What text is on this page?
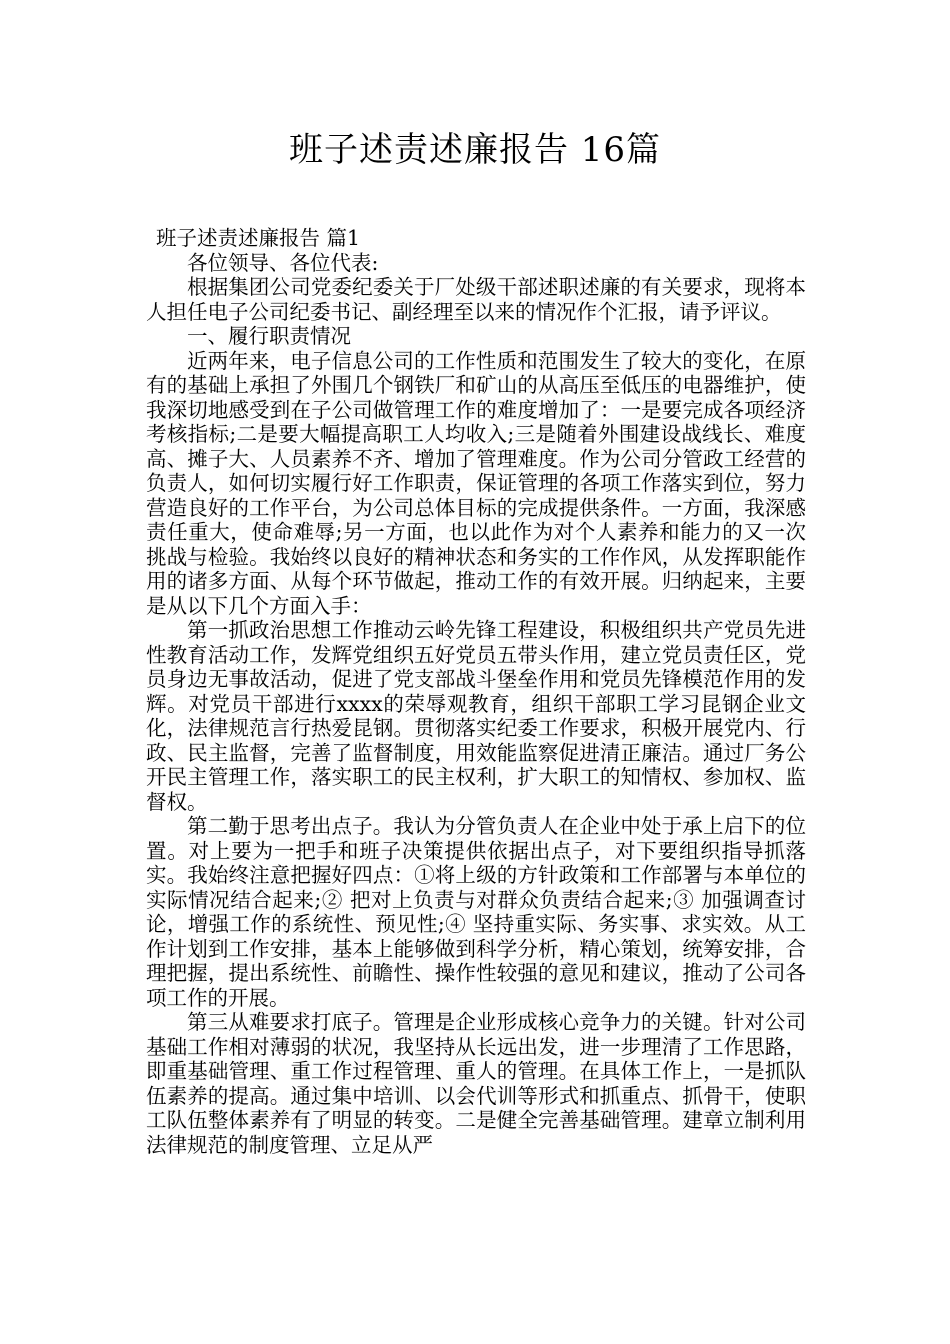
班子述责述廉报告 16篇

班子述责述廉报告 篇1

各位领导、各位代表:

根据集团公司党委纪委关于厂处级干部述职述廉的有关要求，现将本人担任电子公司纪委书记、副经理至以来的情况作个汇报，请予评议。

一、履行职责情况

近两年来，电子信息公司的工作性质和范围发生了较大的变化，在原有的基础上承担了外围几个钢铁厂和矿山的从高压至低压的电器维护，使我深切地感受到在子公司做管理工作的难度增加了：一是要完成各项经济考核指标;二是要大幅提高职工人均收入;三是随着外围建设战线长、难度高、摊子大、人员素养不齐、增加了管理难度。作为公司分管政工经营的负责人，如何切实履行好工作职责，保证管理的各项工作落实到位，努力营造良好的工作平台，为公司总体目标的完成提供条件。一方面，我深感责任重大，使命难辱;另一方面，也以此作为对个人素养和能力的又一次挑战与检验。我始终以良好的精神状态和务实的工作作风，从发挥职能作用的诸多方面、从每个环节做起，推动工作的有效开展。归纳起来，主要是从以下几个方面入手：

第一抓政治思想工作推动云岭先锋工程建设，积极组织共产党员先进性教育活动工作，发辉党组织五好党员五带头作用，建立党员责任区，党员身边无事故活动，促进了党支部战斗堡垒作用和党员先锋模范作用的发辉。对党员干部进行xxxx的荣辱观教育，组织干部职工学习昆钢企业文化，法律规范言行热爱昆钢。贯彻落实纪委工作要求，积极开展党内、行政、民主监督，完善了监督制度，用效能监察促进清正廉洁。通过厂务公开民主管理工作，落实职工的民主权利，扩大职工的知情权、参加权、监督权。

第二勤于思考出点子。我认为分管负责人在企业中处于承上启下的位置。对上要为一把手和班子决策提供依据出点子，对下要组织指导抓落实。我始终注意把握好四点：①将上级的方针政策和工作部署与本单位的实际情况结合起来;② 把对上负责与对群众负责结合起来;③ 加强调查讨论，增强工作的系统性、预见性;④ 坚持重实际、务实事、求实效。从工作计划到工作安排，基本上能够做到科学分析，精心策划，统筹安排，合理把握，提出系统性、前瞻性、操作性较强的意见和建议，推动了公司各项工作的开展。

第三从难要求打底子。管理是企业形成核心竞争力的关键。针对公司基础工作相对薄弱的状况，我坚持从长远出发，进一步理清了工作思路，即重基础管理、重工作过程管理、重人的管理。在具体工作上，一是抓队伍素养的提高。通过集中培训、以会代训等形式和抓重点、抓骨干，使职工队伍整体素养有了明显的转变。二是健全完善基础管理。建章立制利用法律规范的制度管理、立足从严
